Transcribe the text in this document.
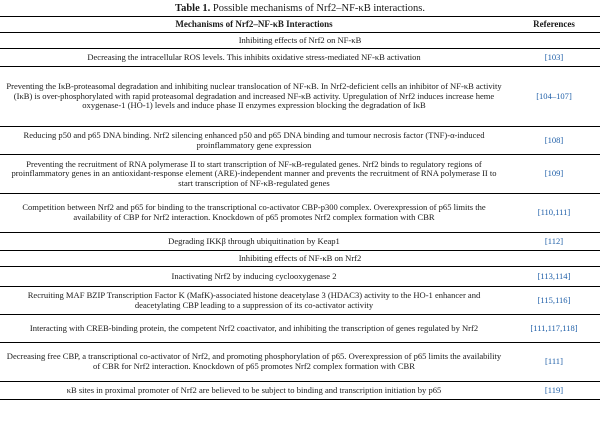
Table 1. Possible mechanisms of Nrf2–NF-κB interactions.
Mechanisms of Nrf2–NF-κB Interactions	References
Inhibiting effects of Nrf2 on NF-κB	
Decreasing the intracellular ROS levels. This inhibits oxidative stress-mediated NF-κB activation	[103]
Preventing the IκB-proteasomal degradation and inhibiting nuclear translocation of NF-κB. In Nrf2-deficient cells an inhibitor of NF-κB activity (IκB) is over-phosphorylated with rapid proteasomal degradation and increased NF-κB activity. Upregulation of Nrf2 induces increase heme oxygenase-1 (HO-1) levels and induce phase II enzymes expression blocking the degradation of IκB	[104–107]
Reducing p50 and p65 DNA binding. Nrf2 silencing enhanced p50 and p65 DNA binding and tumour necrosis factor (TNF)-α-induced proinflammatory gene expression	[108]
Preventing the recruitment of RNA polymerase II to start transcription of NF-κB-regulated genes. Nrf2 binds to regulatory regions of proinflammatory genes in an antioxidant-response element (ARE)-independent manner and prevents the recruitment of RNA polymerase II to start transcription of NF-κB-regulated genes	[109]
Competition between Nrf2 and p65 for binding to the transcriptional co-activator CBP-p300 complex. Overexpression of p65 limits the availability of CBP for Nrf2 interaction. Knockdown of p65 promotes Nrf2 complex formation with CBR	[110,111]
Degrading IKKβ through ubiquitination by Keap1	[112]
Inhibiting effects of NF-κB on Nrf2	
Inactivating Nrf2 by inducing cyclooxygenase 2	[113,114]
Recruiting MAF BZIP Transcription Factor K (MafK)-associated histone deacetylase 3 (HDAC3) activity to the HO-1 enhancer and deacetylating CBP leading to a suppression of its co-activator activity	[115,116]
Interacting with CREB-binding protein, the competent Nrf2 coactivator, and inhibiting the transcription of genes regulated by Nrf2	[111,117,118]
Decreasing free CBP, a transcriptional co-activator of Nrf2, and promoting phosphorylation of p65. Overexpression of p65 limits the availability of CBR for Nrf2 interaction. Knockdown of p65 promotes Nrf2 complex formation with CBR	[111]
κB sites in proximal promoter of Nrf2 are believed to be subject to binding and transcription initiation by p65	[119]
